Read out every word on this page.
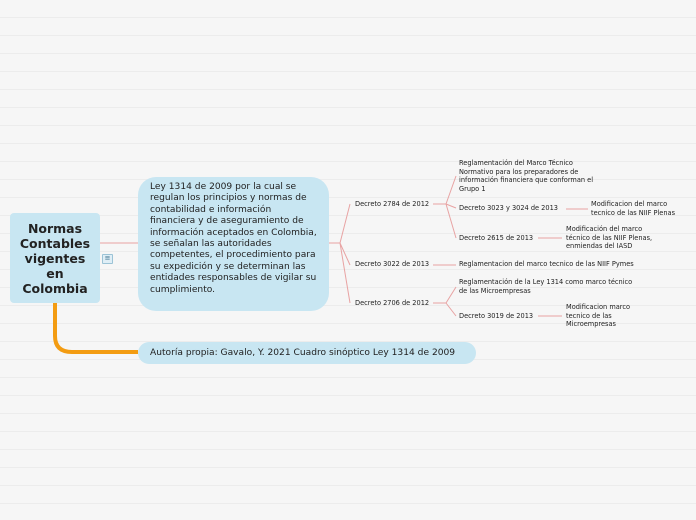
Normas Contables vigentes en Colombia
≡
Ley 1314 de 2009 por la cual se regulan los principios y normas de contabilidad e información financiera y de aseguramiento de información aceptados en Colombia, se señalan las autoridades competentes, el procedimiento para su expedición y se determinan las entidades responsables de vigilar su cumplimiento.
Autoría propia: Gavalo, Y. 2021 Cuadro sinóptico Ley 1314 de 2009
Decreto 2784 de 2012
Reglamentación del Marco Técnico Normativo para los preparadores de información financiera que conforman el Grupo 1
Decreto 3023 y 3024 de 2013	Modificacion del marco tecnico de las NIIF Plenas
Decreto 2615 de 2013
Modificación del marco técnico de las NIIF Plenas, enmiendas del IASD
Decreto 3022 de 2013	Reglamentacion del marco tecnico de las NIIF Pymes
Decreto 2706 de 2012
Reglamentación de la Ley 1314 como marco técnico de las Microempresas
Decreto 3019 de 2013
Modificacion marco tecnico de las Microempresas
